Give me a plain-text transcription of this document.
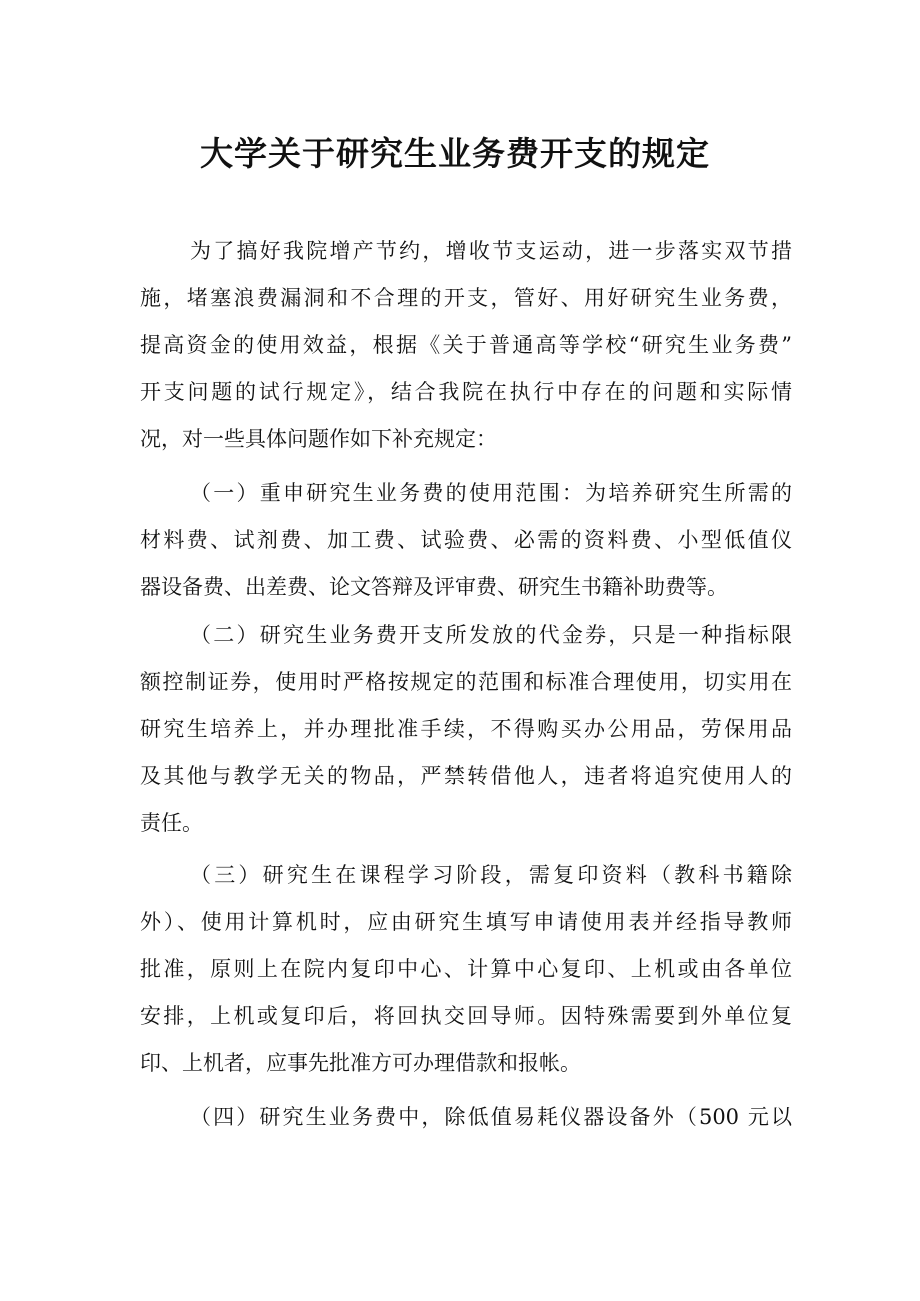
大学关于研究生业务费开支的规定
为了搞好我院增产节约，增收节支运动，进一步落实双节措
施，堵塞浪费漏洞和不合理的开支，管好、用好研究生业务费，
提高资金的使用效益，根据《关于普通高等学校“研究生业务费”
开支问题的试行规定》，结合我院在执行中存在的问题和实际情
况，对一些具体问题作如下补充规定：
（一）重申研究生业务费的使用范围：为培养研究生所需的
材料费、试剂费、加工费、试验费、必需的资料费、小型低值仪
器设备费、出差费、论文答辩及评审费、研究生书籍补助费等。
（二）研究生业务费开支所发放的代金券，只是一种指标限
额控制证券，使用时严格按规定的范围和标准合理使用，切实用在
研究生培养上，并办理批准手续，不得购买办公用品，劳保用品
及其他与教学无关的物品，严禁转借他人，违者将追究使用人的
责任。
（三）研究生在课程学习阶段，需复印资料（教科书籍除
外）、使用计算机时，应由研究生填写申请使用表并经指导教师
批准，原则上在院内复印中心、计算中心复印、上机或由各单位
安排，上机或复印后，将回执交回导师。因特殊需要到外单位复
印、上机者，应事先批准方可办理借款和报帐。
（四）研究生业务费中，除低值易耗仪器设备外（500 元以
